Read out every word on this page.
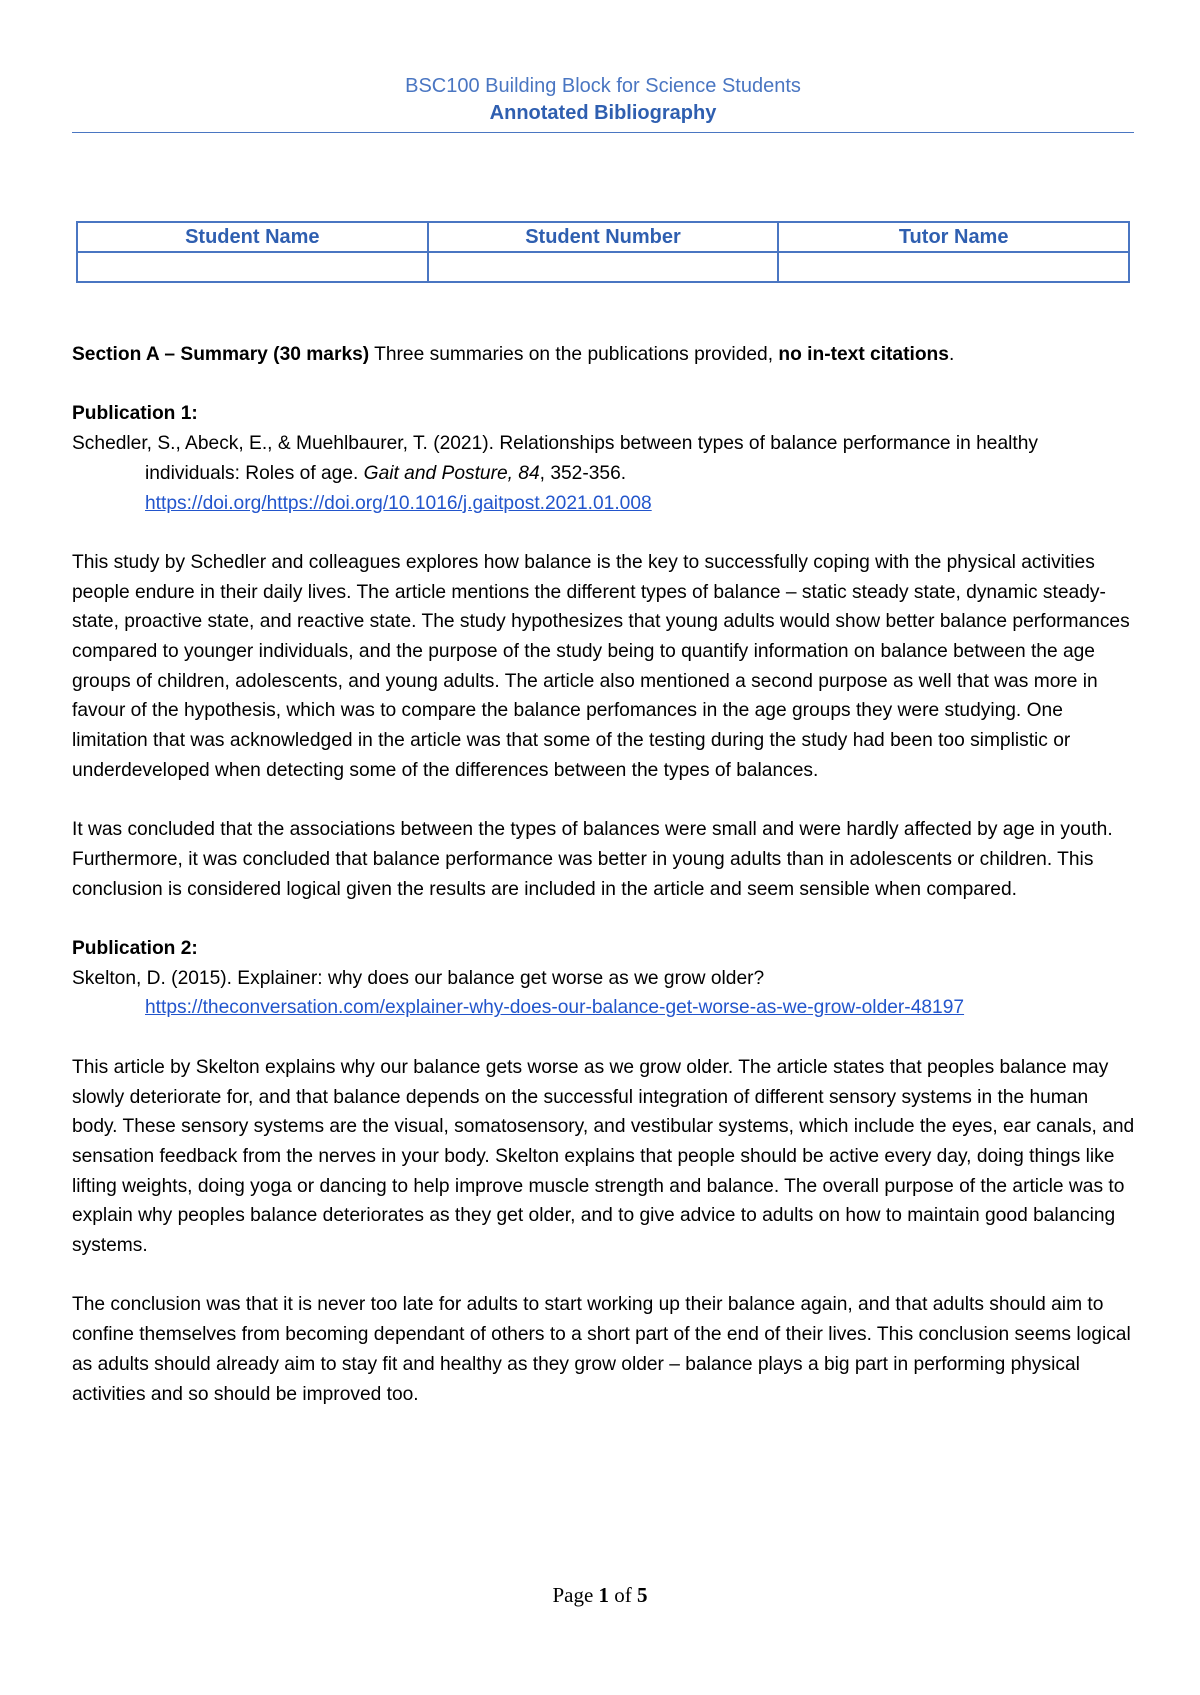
BSC100 Building Block for Science Students
Annotated Bibliography
Student Name	Student Number	Tutor Name

Section A – Summary (30 marks) Three summaries on the publications provided, no in-text citations.

Publication 1:

Schedler, S., Abeck, E., & Muehlbaurer, T. (2021). Relationships between types of balance performance in healthy individuals: Roles of age. Gait and Posture, 84, 352-356.

https://doi.org/https://doi.org/10.1016/j.gaitpost.2021.01.008

This study by Schedler and colleagues explores how balance is the key to successfully coping with the physical activities people endure in their daily lives. The article mentions the different types of balance – static steady state, dynamic steady-state, proactive state, and reactive state. The study hypothesizes that young adults would show better balance performances compared to younger individuals, and the purpose of the study being to quantify information on balance between the age groups of children, adolescents, and young adults. The article also mentioned a second purpose as well that was more in favour of the hypothesis, which was to compare the balance perfomances in the age groups they were studying. One limitation that was acknowledged in the article was that some of the testing during the study had been too simplistic or underdeveloped when detecting some of the differences between the types of balances.

It was concluded that the associations between the types of balances were small and were hardly affected by age in youth. Furthermore, it was concluded that balance performance was better in young adults than in adolescents or children. This conclusion is considered logical given the results are included in the article and seem sensible when compared.

Publication 2:

Skelton, D. (2015). Explainer: why does our balance get worse as we grow older?

https://theconversation.com/explainer-why-does-our-balance-get-worse-as-we-grow-older-48197

This article by Skelton explains why our balance gets worse as we grow older. The article states that peoples balance may slowly deteriorate for, and that balance depends on the successful integration of different sensory systems in the human body. These sensory systems are the visual, somatosensory, and vestibular systems, which include the eyes, ear canals, and sensation feedback from the nerves in your body. Skelton explains that people should be active every day, doing things like lifting weights, doing yoga or dancing to help improve muscle strength and balance. The overall purpose of the article was to explain why peoples balance deteriorates as they get older, and to give advice to adults on how to maintain good balancing systems.

The conclusion was that it is never too late for adults to start working up their balance again, and that adults should aim to confine themselves from becoming dependant of others to a short part of the end of their lives. This conclusion seems logical as adults should already aim to stay fit and healthy as they grow older – balance plays a big part in performing physical activities and so should be improved too.

Page 1 of 5
